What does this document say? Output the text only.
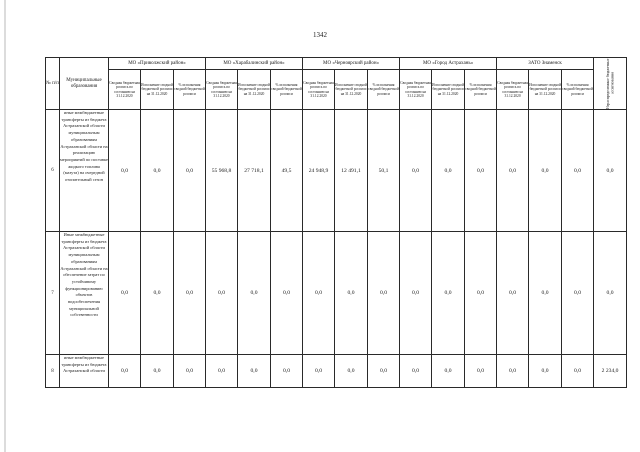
1342
№ п/п	Муниципальные образования	МО «Приволжский район»			МО «Харабалинский район»			МО «Черноярский район»			МО «Город Астрахань»			ЗАТО Знаменск			Нераспределенные бюджетные ассигнования

		Сводная бюджетная роспись по состоянию на 31.12.2020	Исполнение сводной бюджетной росписи на 31.12.2020	% исполнения сводной бюджетной росписи	Сводная бюджетная роспись по состоянию на 31.12.2020	Исполнение сводной бюджетной росписи на 31.12.2020	% исполнения сводной бюджетной росписи	Сводная бюджетная роспись по состоянию на 31.12.2020	Исполнение сводной бюджетной росписи на 31.12.2020	% исполнения сводной бюджетной росписи	Сводная бюджетная роспись по состоянию на 31.12.2020	Исполнение сводной бюджетной росписи на 31.12.2020	% исполнения сводной бюджетной росписи	Сводная бюджетная роспись по состоянию на 31.12.2020	Исполнение сводной бюджетной росписи на 31.12.2020	% исполнения сводной бюджетной росписи	
6	иные межбюджетные трансферты из бюджета Астраханской области муниципальным образованиям Астраханской области на реализацию мероприятий по поставке жидкого топлива (мазута) на очередной отопительный сезон	0,0	0,0	0,0	55 968,8	27 718,1	49,5	24 948,9	12 491,1	50,1	0,0	0,0	0,0	0,0	0,0	0,0	0,0
7	Иные межбюджетные трансферты из бюджета Астраханской области муниципальным образованиям Астраханской области на обеспечение затрат по устойчивому функционированию объектов водообеспечения муниципальной собственности	0,0	0,0	0,0	0,0	0,0	0,0	0,0	0,0	0,0	0,0	0,0	0,0	0,0	0,0	0,0	0,0
8	иные межбюджетные трансферты из бюджета Астраханской области	0,0	0,0	0,0	0,0	0,0	0,0	0,0	0,0	0,0	0,0	0,0	0,0	0,0	0,0	0,0	2 234,0
